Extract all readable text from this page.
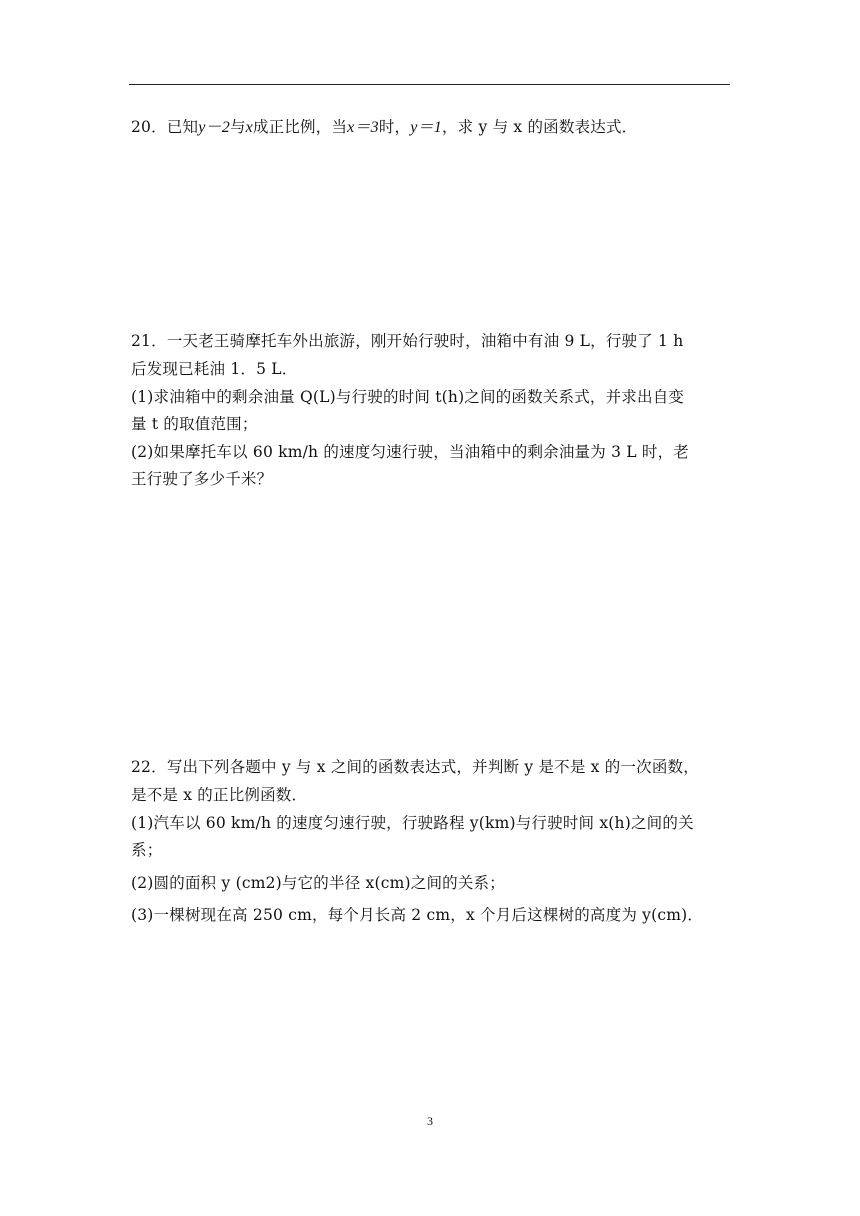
20．已知y－2与x成正比例，当x＝3时，y＝1，求 y 与 x 的函数表达式．
21．一天老王骑摩托车外出旅游，刚开始行驶时，油箱中有油 9 L，行驶了 1 h
后发现已耗油 1．5 L．
(1)求油箱中的剩余油量 Q(L)与行驶的时间 t(h)之间的函数关系式，并求出自变
量 t 的取值范围；
(2)如果摩托车以 60 km/h 的速度匀速行驶，当油箱中的剩余油量为 3 L 时，老
王行驶了多少千米？
22．写出下列各题中 y 与 x 之间的函数表达式，并判断 y 是不是 x 的一次函数，
是不是 x 的正比例函数．
(1)汽车以 60 km/h 的速度匀速行驶，行驶路程 y(km)与行驶时间 x(h)之间的关
系；
(2)圆的面积 y (cm2)与它的半径 x(cm)之间的关系；
(3)一棵树现在高 250 cm，每个月长高 2 cm，x 个月后这棵树的高度为 y(cm)．
3
